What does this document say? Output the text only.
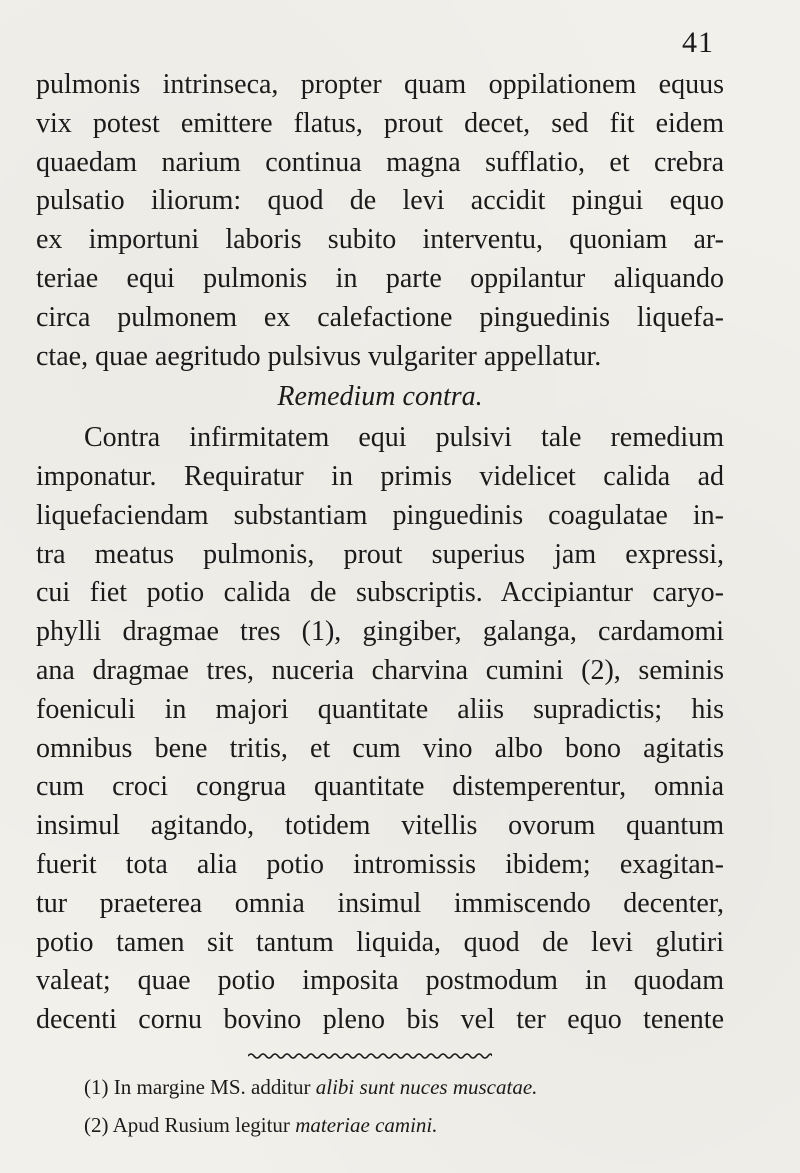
41
pulmonis intrinseca, propter quam oppilationem equus
vix potest emittere flatus, prout decet, sed fit eidem
quaedam narium continua magna sufflatio, et crebra
pulsatio iliorum: quod de levi accidit pingui equo
ex importuni laboris subito interventu, quoniam ar-
teriae equi pulmonis in parte oppilantur aliquando
circa pulmonem ex calefactione pinguedinis liquefa-
ctae, quae aegritudo pulsivus vulgariter appellatur.
Remedium contra.
Contra infirmitatem equi pulsivi tale remedium
imponatur. Requiratur in primis videlicet calida ad
liquefaciendam substantiam pinguedinis coagulatae in-
tra meatus pulmonis, prout superius jam expressi,
cui fiet potio calida de subscriptis. Accipiantur caryo-
phylli dragmae tres (1), gingiber, galanga, cardamomi
ana dragmae tres, nuceria charvina cumini (2), seminis
foeniculi in majori quantitate aliis supradictis; his
omnibus bene tritis, et cum vino albo bono agitatis
cum croci congrua quantitate distemperentur, omnia
insimul agitando, totidem vitellis ovorum quantum
fuerit tota alia potio intromissis ibidem; exagitan-
tur praeterea omnia insimul immiscendo decenter,
potio tamen sit tantum liquida, quod de levi glutiri
valeat; quae potio imposita postmodum in quodam
decenti cornu bovino pleno bis vel ter equo tenente
(1) In margine MS. additur alibi sunt nuces muscatae.
(2) Apud Rusium legitur materiae camini.
